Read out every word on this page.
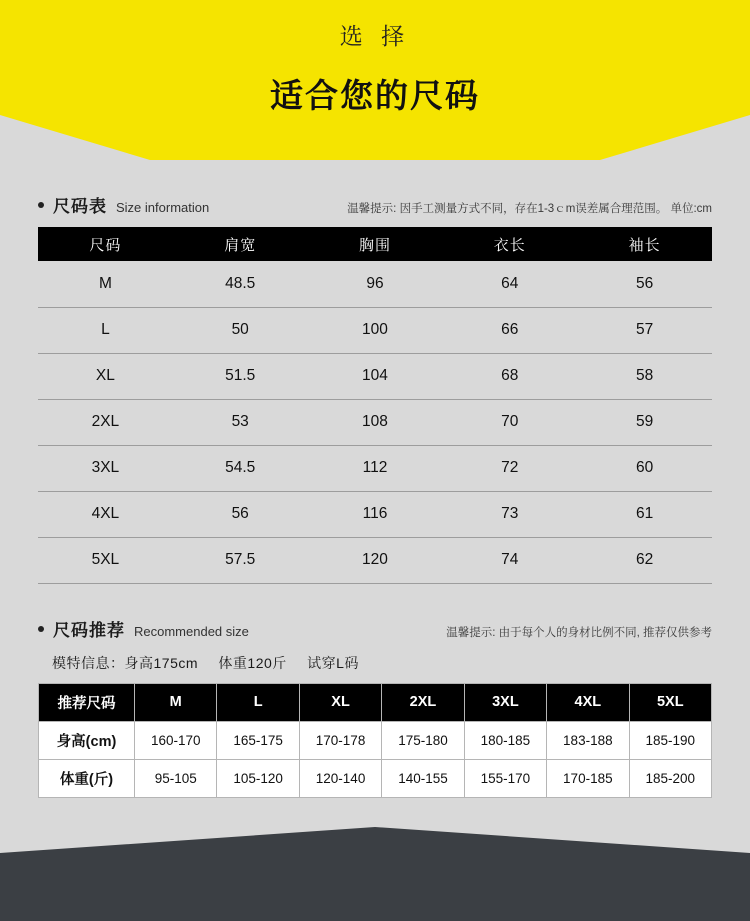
选 择
适合您的尺码
尺码表 Size information	温馨提示: 因手工测量方式不同，存在1-3ｃm误差属合理范围。 单位:cm
尺码	肩宽	胸围	衣长	袖长
M	48.5	96	64	56
L	50	100	66	57
XL	51.5	104	68	58
2XL	53	108	70	59
3XL	54.5	112	72	60
4XL	56	116	73	61
5XL	57.5	120	74	62
尺码推荐 Recommended size	温馨提示: 由于每个人的身材比例不同, 推荐仅供参考
模特信息：身高175cm 体重120斤 试穿L码
推荐尺码	M	L	XL	2XL	3XL	4XL	5XL
身高(cm)	160-170	165-175	170-178	175-180	180-185	183-188	185-190
体重(斤)	95-105	105-120	120-140	140-155	155-170	170-185	185-200
